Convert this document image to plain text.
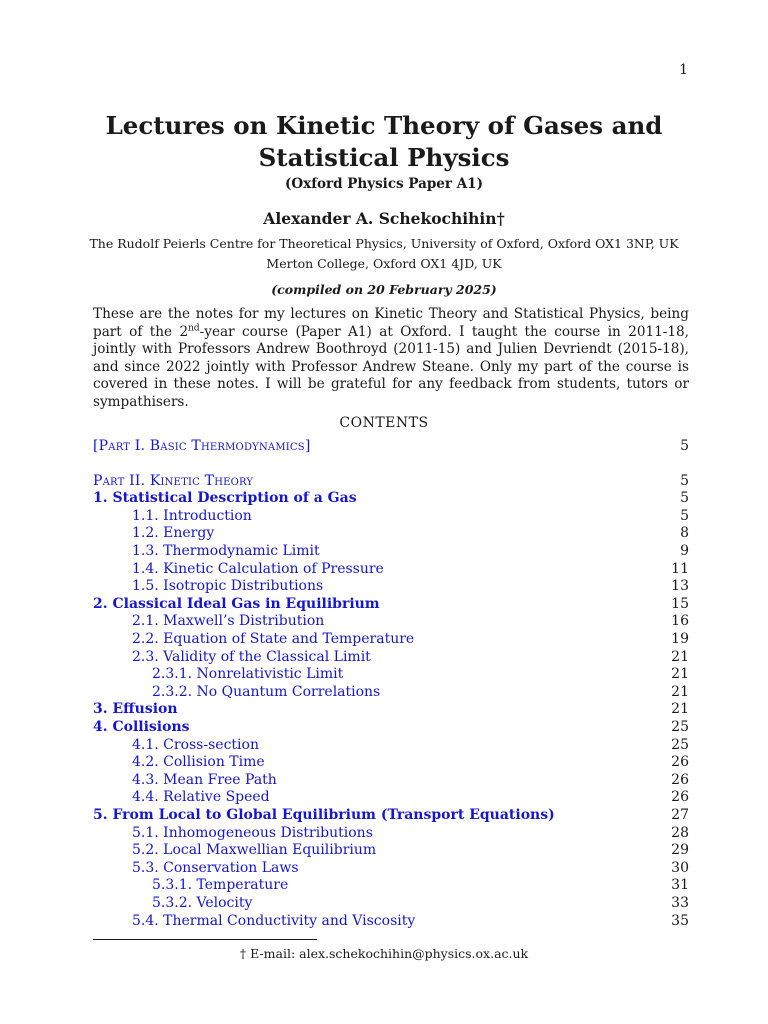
1
Lectures on Kinetic Theory of Gases and
Statistical Physics
(Oxford Physics Paper A1)
Alexander A. Schekochihin†
The Rudolf Peierls Centre for Theoretical Physics, University of Oxford, Oxford OX1 3NP, UK
Merton College, Oxford OX1 4JD, UK
(compiled on 20 February 2025)

These are the notes for my lectures on Kinetic Theory and Statistical Physics, being part of the 2nd-year course (Paper A1) at Oxford. I taught the course in 2011-18, jointly with Professors Andrew Boothroyd (2011-15) and Julien Devriendt (2015-18), and since 2022 jointly with Professor Andrew Steane. Only my part of the course is covered in these notes. I will be grateful for any feedback from students, tutors or sympathisers.

CONTENTS
[Part I. Basic Thermodynamics]	5
Part II. Kinetic Theory	5
1. Statistical Description of a Gas	5
1.1. Introduction	5
1.2. Energy	8
1.3. Thermodynamic Limit	9
1.4. Kinetic Calculation of Pressure	11
1.5. Isotropic Distributions	13
2. Classical Ideal Gas in Equilibrium	15
2.1. Maxwell’s Distribution	16
2.2. Equation of State and Temperature	19
2.3. Validity of the Classical Limit	21
2.3.1. Nonrelativistic Limit	21
2.3.2. No Quantum Correlations	21
3. Effusion	21
4. Collisions	25
4.1. Cross-section	25
4.2. Collision Time	26
4.3. Mean Free Path	26
4.4. Relative Speed	26
5. From Local to Global Equilibrium (Transport Equations)	27
5.1. Inhomogeneous Distributions	28
5.2. Local Maxwellian Equilibrium	29
5.3. Conservation Laws	30
5.3.1. Temperature	31
5.3.2. Velocity	33
5.4. Thermal Conductivity and Viscosity	35
† E-mail: alex.schekochihin@physics.ox.ac.uk
